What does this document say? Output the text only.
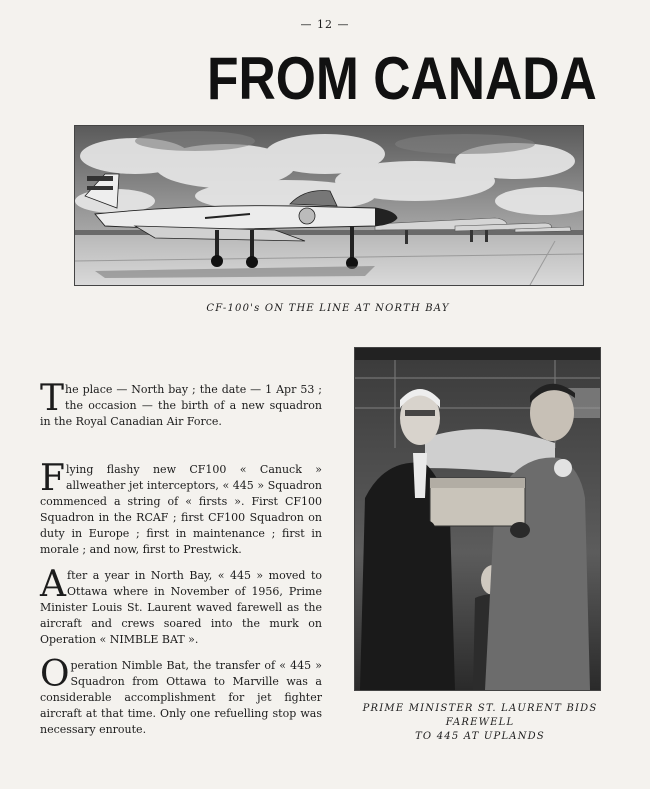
— 12 —
FROM CANADA
CF-100's ON THE LINE AT NORTH BAY
PRIME MINISTER ST. LAURENT BIDS FAREWELL
TO 445 AT UPLANDS

The place — North bay ; the date — 1 Apr 53 ; the occasion — the birth of a new squadron in the Royal Canadian Air Force.

Flying flashy new CF100 « Canuck » allweather jet interceptors, « 445 » Squadron commenced a string of « firsts ». First CF100 Squadron in the RCAF ; first CF100 Squadron on duty in Europe ; first in maintenance ; first in morale ; and now, first to Prestwick.

After a year in North Bay, « 445 » moved to Ottawa where in November of 1956, Prime Minister Louis St. Laurent waved farewell as the aircraft and crews soared into the murk on Operation « NIMBLE BAT ».

Operation Nimble Bat, the transfer of « 445 » Squadron from Ottawa to Marville was a considerable accomplishment for jet fighter aircraft at that time. Only one refuelling stop was necessary enroute.
